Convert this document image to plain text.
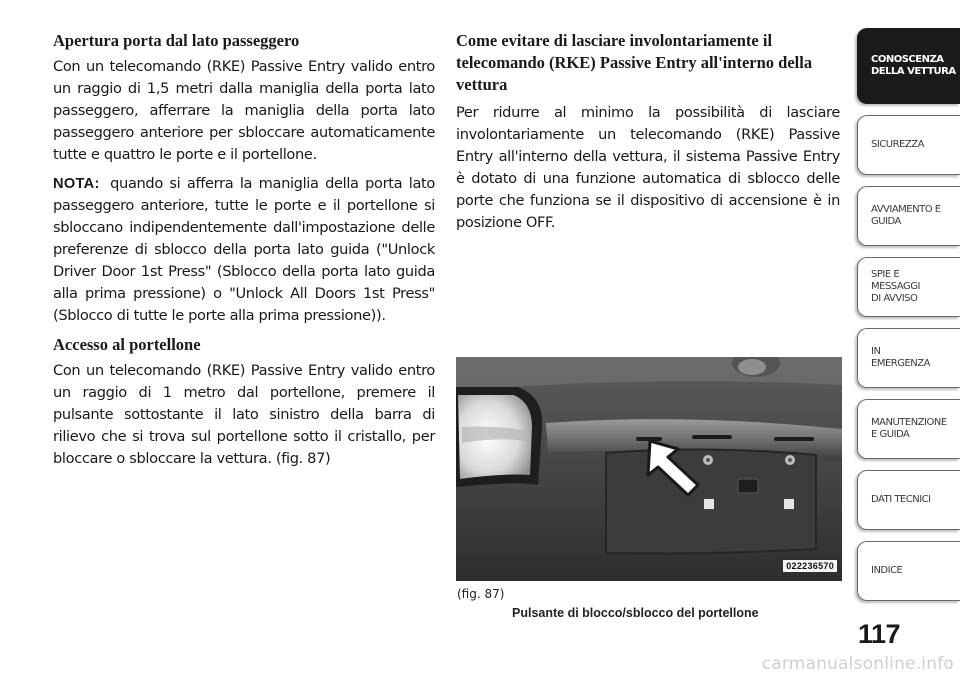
Apertura porta dal lato passeggero

Con un telecomando (RKE) Passive Entry valido entro un raggio di 1,5 metri dalla maniglia della porta lato passeggero, afferrare la maniglia della porta lato passeggero anteriore per sbloccare automaticamente tutte e quattro le porte e il portellone.

NOTA: quando si afferra la maniglia della porta lato passeggero anteriore, tutte le porte e il portellone si sbloccano indipendentemente dall'impostazione delle preferenze di sblocco della porta lato guida ("Unlock Driver Door 1st Press" (Sblocco della porta lato guida alla prima pressione) o "Unlock All Doors 1st Press" (Sblocco di tutte le porte alla prima pressione)).

Accesso al portellone

Con un telecomando (RKE) Passive Entry valido entro un raggio di 1 metro dal portellone, premere il pulsante sottostante il lato sinistro della barra di rilievo che si trova sul portellone sotto il cristallo, per bloccare o sbloccare la vettura. (fig. 87)

Come evitare di lasciare involontariamente il telecomando (RKE) Passive Entry all'interno della vettura

Per ridurre al minimo la possibilità di lasciare involontariamente un telecomando (RKE) Passive Entry all'interno della vettura, il sistema Passive Entry è dotato di una funzione automatica di sblocco delle porte che funziona se il dispositivo di accensione è in posizione OFF.

022236570
(fig. 87)
Pulsante di blocco/sblocco del portellone
CONOSCENZA
DELLA VETTURA
SICUREZZA
AVVIAMENTO E
GUIDA
SPIE E
MESSAGGI
DI AVVISO
IN
EMERGENZA
MANUTENZIONE
E GUIDA
DATI TECNICI
INDICE
117
carmanualsonline.info
